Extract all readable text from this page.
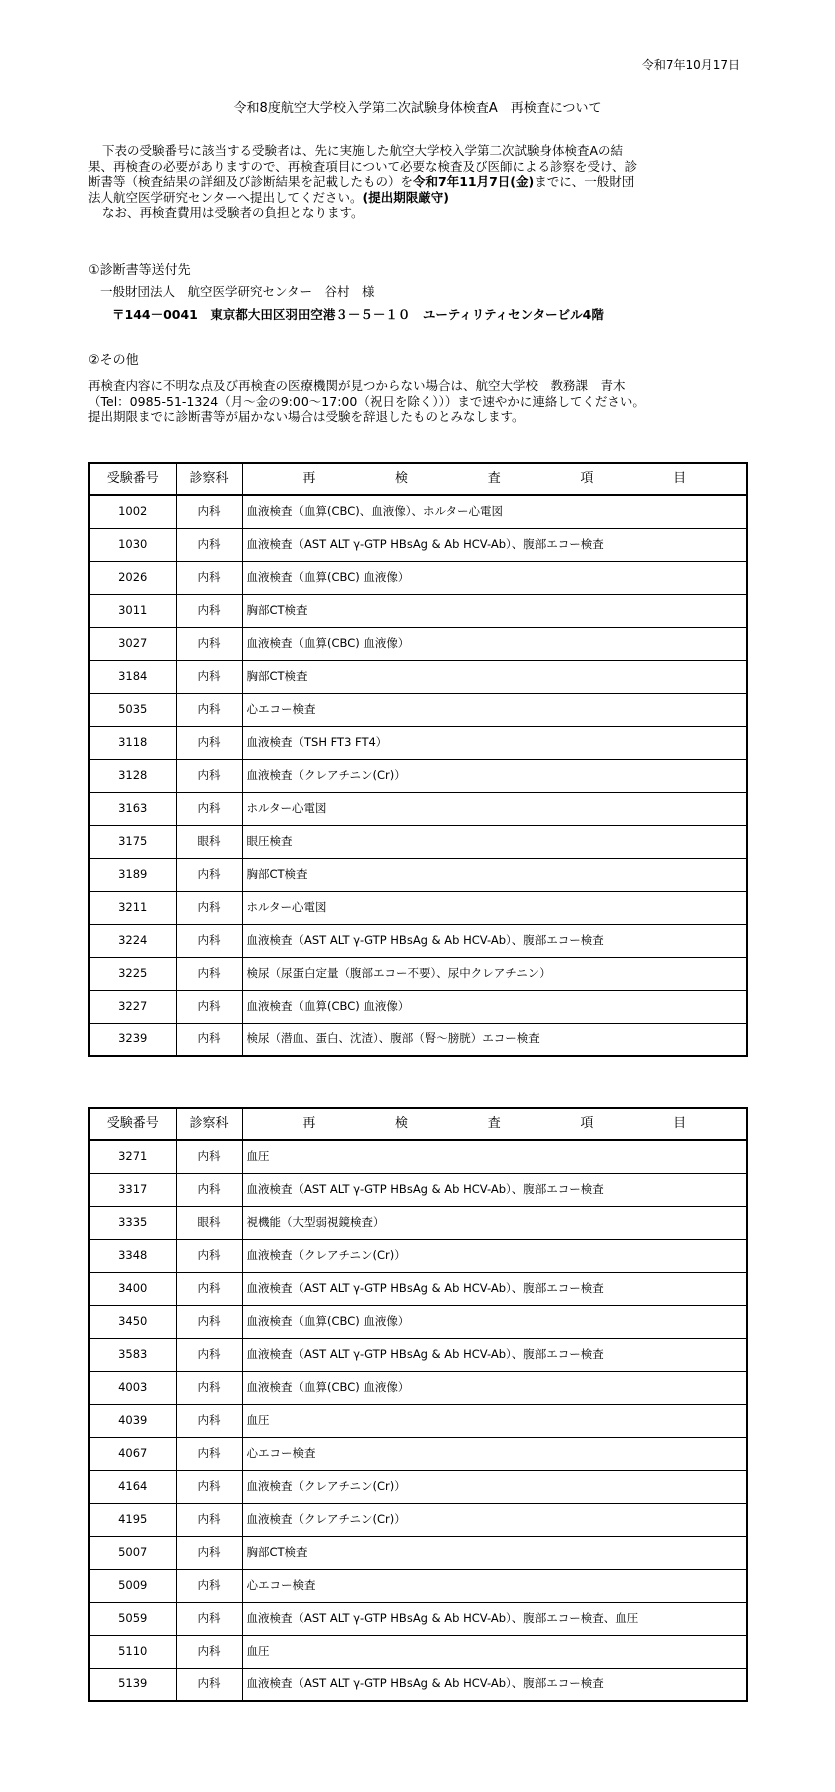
令和7年10月17日
令和8度航空大学校入学第二次試験身体検査A　再検査について

下表の受験番号に該当する受験者は、先に実施した航空大学校入学第二次試験身体検査Aの結

果、再検査の必要がありますので、再検査項目について必要な検査及び医師による診察を受け、診

断書等（検査結果の詳細及び診断結果を記載したもの）を令和7年11月7日(金)までに、一般財団

法人航空医学研究センターへ提出してください。(提出期限厳守)

なお、再検査費用は受験者の負担となります。

①診断書等送付先
一般財団法人　航空医学研究センター　谷村　様
〒144－0041　東京都大田区羽田空港３－５－１０　ユーティリティセンタービル4階
②その他

再検査内容に不明な点及び再検査の医療機関が見つからない場合は、航空大学校　教務課　青木

（Tel：0985-51-1324（月～金の9:00～17:00（祝日を除く）））まで速やかに連絡してください。

提出期限までに診断書等が届かない場合は受験を辞退したものとみなします。

受験番号	診察科	再 検 査 項 目

1002	内科	血液検査（血算(CBC)、血液像）、ホルター心電図
1030	内科	血液検査（AST ALT γ-GTP HBsAg & Ab HCV-Ab）、腹部エコー検査
2026	内科	血液検査（血算(CBC) 血液像）
3011	内科	胸部CT検査
3027	内科	血液検査（血算(CBC) 血液像）
3184	内科	胸部CT検査
5035	内科	心エコー検査
3118	内科	血液検査（TSH FT3 FT4）
3128	内科	血液検査（クレアチニン(Cr)）
3163	内科	ホルター心電図
3175	眼科	眼圧検査
3189	内科	胸部CT検査
3211	内科	ホルター心電図
3224	内科	血液検査（AST ALT γ-GTP HBsAg & Ab HCV-Ab）、腹部エコー検査
3225	内科	検尿（尿蛋白定量（腹部エコー不要）、尿中クレアチニン）
3227	内科	血液検査（血算(CBC) 血液像）
3239	内科	検尿（潜血、蛋白、沈渣）、腹部（腎～膀胱）エコー検査
受験番号	診察科	再 検 査 項 目

3271	内科	血圧
3317	内科	血液検査（AST ALT γ-GTP HBsAg & Ab HCV-Ab）、腹部エコー検査
3335	眼科	視機能（大型弱視鏡検査）
3348	内科	血液検査（クレアチニン(Cr)）
3400	内科	血液検査（AST ALT γ-GTP HBsAg & Ab HCV-Ab）、腹部エコー検査
3450	内科	血液検査（血算(CBC) 血液像）
3583	内科	血液検査（AST ALT γ-GTP HBsAg & Ab HCV-Ab）、腹部エコー検査
4003	内科	血液検査（血算(CBC) 血液像）
4039	内科	血圧
4067	内科	心エコー検査
4164	内科	血液検査（クレアチニン(Cr)）
4195	内科	血液検査（クレアチニン(Cr)）
5007	内科	胸部CT検査
5009	内科	心エコー検査
5059	内科	血液検査（AST ALT γ-GTP HBsAg & Ab HCV-Ab）、腹部エコー検査、血圧
5110	内科	血圧
5139	内科	血液検査（AST ALT γ-GTP HBsAg & Ab HCV-Ab）、腹部エコー検査
